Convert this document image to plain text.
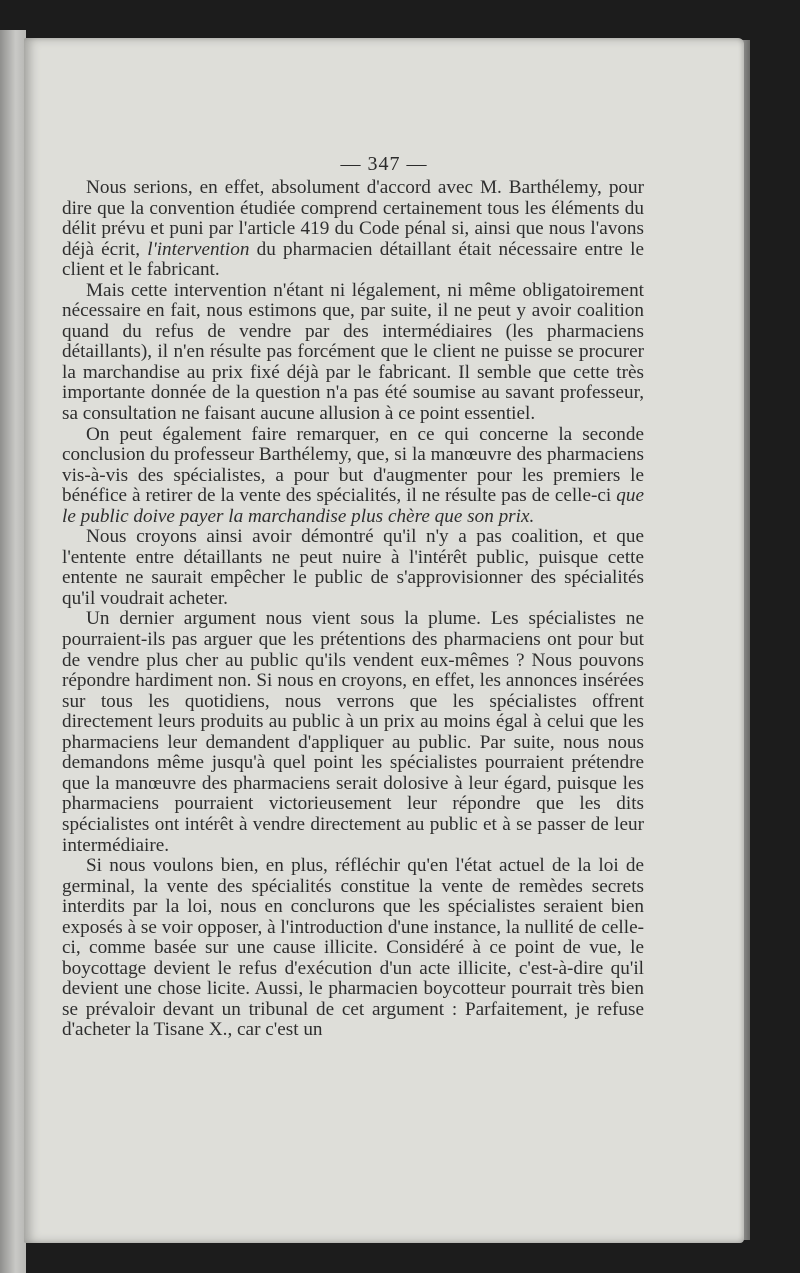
— 347 —

Nous serions, en effet, absolument d'accord avec M. Barthélemy, pour dire que la convention étudiée comprend certainement tous les éléments du délit prévu et puni par l'article 419 du Code pénal si, ainsi que nous l'avons déjà écrit, l'intervention du pharmacien détaillant était nécessaire entre le client et le fabricant.

Mais cette intervention n'étant ni légalement, ni même obligatoirement nécessaire en fait, nous estimons que, par suite, il ne peut y avoir coalition quand du refus de vendre par des intermédiaires (les pharmaciens détaillants), il n'en résulte pas forcément que le client ne puisse se procurer la marchandise au prix fixé déjà par le fabricant. Il semble que cette très importante donnée de la question n'a pas été soumise au savant professeur, sa consultation ne faisant aucune allusion à ce point essentiel.

On peut également faire remarquer, en ce qui concerne la seconde conclusion du professeur Barthélemy, que, si la manœuvre des pharmaciens vis-à-vis des spécialistes, a pour but d'augmenter pour les premiers le bénéfice à retirer de la vente des spécialités, il ne résulte pas de celle-ci que le public doive payer la marchandise plus chère que son prix.

Nous croyons ainsi avoir démontré qu'il n'y a pas coalition, et que l'entente entre détaillants ne peut nuire à l'intérêt public, puisque cette entente ne saurait empêcher le public de s'approvisionner des spécialités qu'il voudrait acheter.

Un dernier argument nous vient sous la plume. Les spécialistes ne pourraient-ils pas arguer que les prétentions des pharmaciens ont pour but de vendre plus cher au public qu'ils vendent eux-mêmes ? Nous pouvons répondre hardiment non. Si nous en croyons, en effet, les annonces insérées sur tous les quotidiens, nous verrons que les spécialistes offrent directement leurs produits au public à un prix au moins égal à celui que les pharmaciens leur demandent d'appliquer au public. Par suite, nous nous demandons même jusqu'à quel point les spécialistes pourraient prétendre que la manœuvre des pharmaciens serait dolosive à leur égard, puisque les pharmaciens pourraient victorieusement leur répondre que les dits spécialistes ont intérêt à vendre directement au public et à se passer de leur intermédiaire.

Si nous voulons bien, en plus, réfléchir qu'en l'état actuel de la loi de germinal, la vente des spécialités constitue la vente de remèdes secrets interdits par la loi, nous en conclurons que les spécialistes seraient bien exposés à se voir opposer, à l'introduction d'une instance, la nullité de celle-ci, comme basée sur une cause illicite. Considéré à ce point de vue, le boycottage devient le refus d'exécution d'un acte illicite, c'est-à-dire qu'il devient une chose licite. Aussi, le pharmacien boycotteur pourrait très bien se prévaloir devant un tribunal de cet argument : Parfaitement, je refuse d'acheter la Tisane X., car c'est un
